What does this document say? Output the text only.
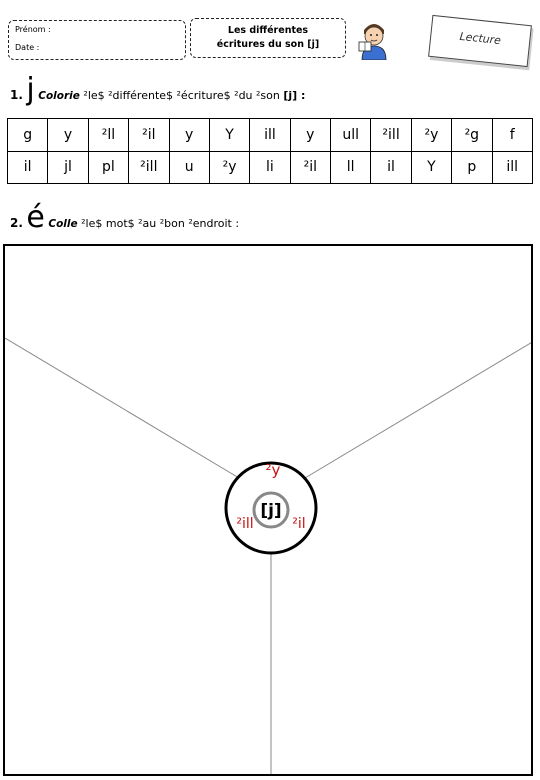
Prénom :
Date :
Les différentes
écritures du son [j]	Lecture
1. j Colorie ²le$ ²différente$ ²écriture$ ²du ²son [j] :
g	y	²ll	²il	y	Y	ill	y	ull	²ill	²y	²g	f
il	jl	pl	²ill	u	²y	li	²il	ll	il	Y	p	ill
2. é Colle ²le$ mot$ ²au ²bon ²endroit :
[j]
²y
²ill	²il
